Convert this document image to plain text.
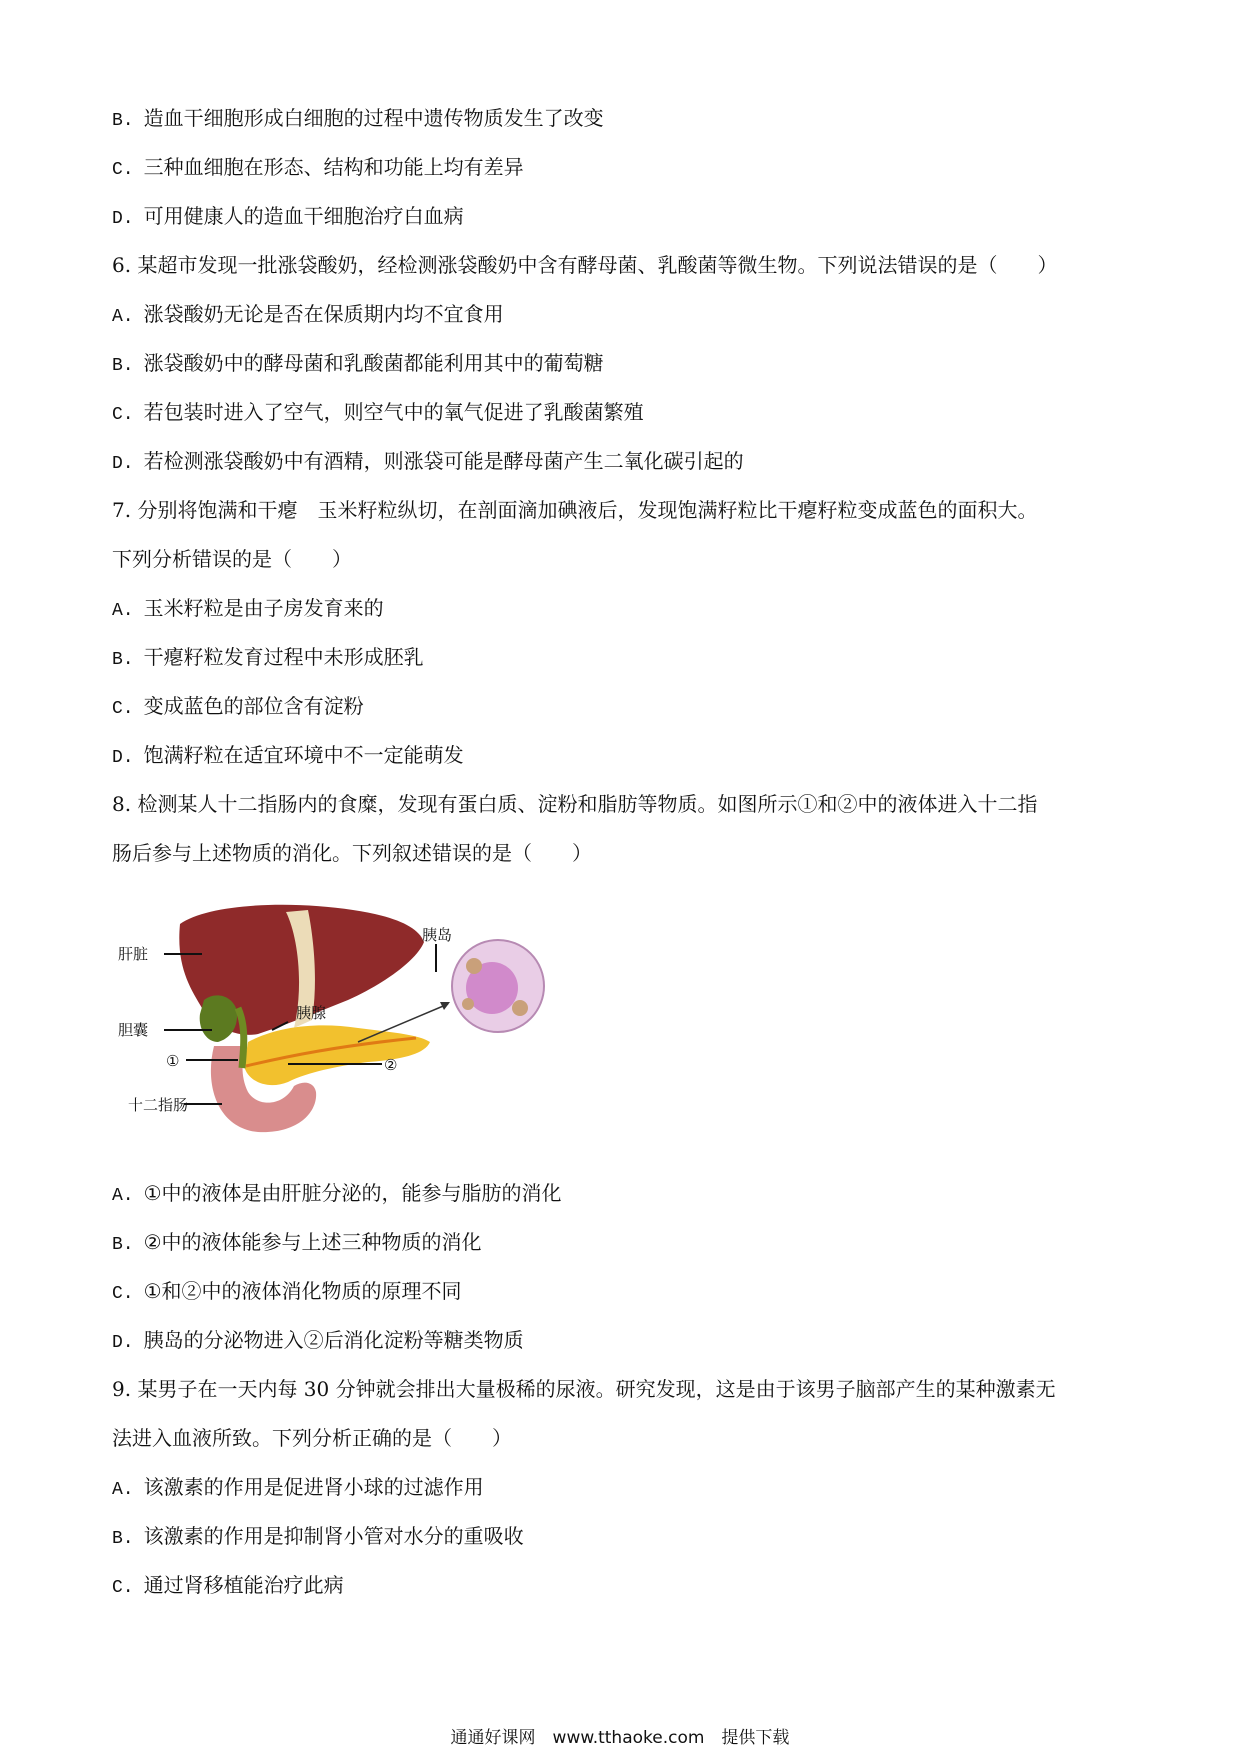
B. 造血干细胞形成白细胞的过程中遗传物质发生了改变
C. 三种血细胞在形态、结构和功能上均有差异
D. 可用健康人的造血干细胞治疗白血病
6. 某超市发现一批涨袋酸奶，经检测涨袋酸奶中含有酵母菌、乳酸菌等微生物。下列说法错误的是（　　）
A. 涨袋酸奶无论是否在保质期内均不宜食用
B. 涨袋酸奶中的酵母菌和乳酸菌都能利用其中的葡萄糖
C. 若包装时进入了空气，则空气中的氧气促进了乳酸菌繁殖
D. 若检测涨袋酸奶中有酒精，则涨袋可能是酵母菌产生二氧化碳引起的
7. 分别将饱满和干瘪　玉米籽粒纵切，在剖面滴加碘液后，发现饱满籽粒比干瘪籽粒变成蓝色的面积大。
下列分析错误的是（　　）
A. 玉米籽粒是由子房发育来的
B. 干瘪籽粒发育过程中未形成胚乳
C. 变成蓝色的部位含有淀粉
D. 饱满籽粒在适宜环境中不一定能萌发
8. 检测某人十二指肠内的食糜，发现有蛋白质、淀粉和脂肪等物质。如图所示①和②中的液体进入十二指
肠后参与上述物质的消化。下列叙述错误的是（　　）
肝脏
胆囊
胰腺
胰岛
①	②
十二指肠
A. ①中的液体是由肝脏分泌的，能参与脂肪的消化
B. ②中的液体能参与上述三种物质的消化
C. ①和②中的液体消化物质的原理不同
D. 胰岛的分泌物进入②后消化淀粉等糖类物质
9. 某男子在一天内每 30 分钟就会排出大量极稀的尿液。研究发现，这是由于该男子脑部产生的某种激素无
法进入血液所致。下列分析正确的是（　　）
A. 该激素的作用是促进肾小球的过滤作用
B. 该激素的作用是抑制肾小管对水分的重吸收
C. 通过肾移植能治疗此病
通通好课网　www.tthaoke.com　提供下载
